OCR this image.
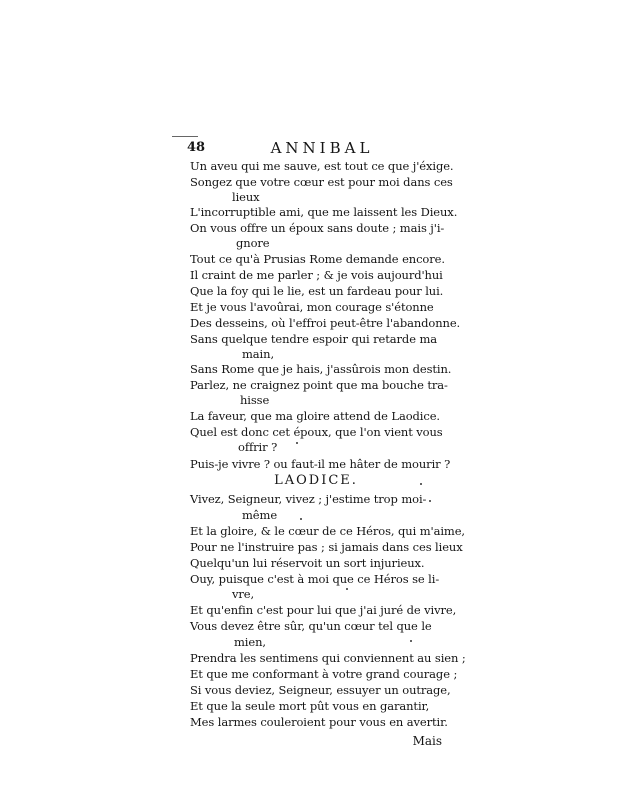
48	ANNIBAL
Un aveu qui me sauve, est tout ce que j'éxige.
Songez que votre cœur est pour moi dans ces
lieux
L'incorruptible ami, que me laissent les Dieux.
On vous offre un époux sans doute ; mais j'i-
gnore
Tout ce qu'à Prusias Rome demande encore.
Il craint de me parler ; & je vois aujourd'hui
Que la foy qui le lie, est un fardeau pour lui.
Et je vous l'avoûrai, mon courage s'étonne
Des desseins, où l'effroi peut-être l'abandonne.
Sans quelque tendre espoir qui retarde ma
main,
Sans Rome que je hais, j'assûrois mon destin.
Parlez, ne craignez point que ma bouche tra-
hisse
La faveur, que ma gloire attend de Laodice.
Quel est donc cet époux, que l'on vient vous
offrir ?
Puis-je vivre ? ou faut-il me hâter de mourir ?
LAODICE.
Vivez, Seigneur, vivez ; j'estime trop moi-
même
Et la gloire, & le cœur de ce Héros, qui m'aime,
Pour ne l'instruire pas ; si jamais dans ces lieux
Quelqu'un lui réservoit un sort injurieux.
Ouy, puisque c'est à moi que ce Héros se li-
vre,
Et qu'enfin c'est pour lui que j'ai juré de vivre,
Vous devez être sûr, qu'un cœur tel que le
mien,
Prendra les sentimens qui conviennent au sien ;
Et que me conformant à votre grand courage ;
Si vous deviez, Seigneur, essuyer un outrage,
Et que la seule mort pût vous en garantir,
Mes larmes couleroient pour vous en avertir.
Mais
